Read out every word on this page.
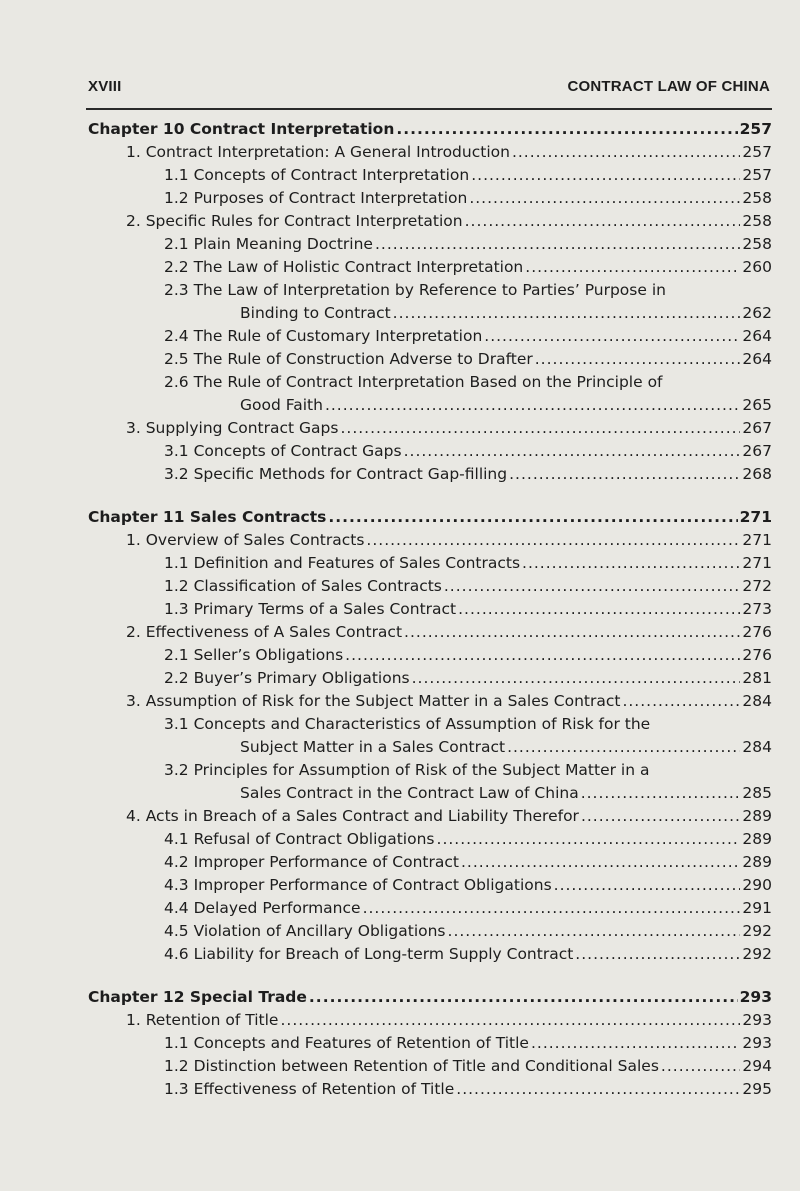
XVIII	CONTRACT LAW OF CHINA
Chapter 10 Contract Interpretation .....	257
1. Contract Interpretation: A General Introduction .....	257
1.1 Concepts of Contract Interpretation .....	257
1.2 Purposes of Contract Interpretation .....	258
2. Specific Rules for Contract Interpretation .....	258
2.1 Plain Meaning Doctrine .....	258
2.2 The Law of Holistic Contract Interpretation .....	260
2.3 The Law of Interpretation by Reference to Parties’ Purpose in
Binding to Contract .....	262
2.4 The Rule of Customary Interpretation .....	264
2.5 The Rule of Construction Adverse to Drafter .....	264
2.6 The Rule of Contract Interpretation Based on the Principle of
Good Faith .....	265
3. Supplying Contract Gaps .....	267
3.1 Concepts of Contract Gaps .....	267
3.2 Specific Methods for Contract Gap-filling .....	268
Chapter 11 Sales Contracts .....	271
1. Overview of Sales Contracts .....	271
1.1 Definition and Features of Sales Contracts .....	271
1.2 Classification of Sales Contracts .....	272
1.3 Primary Terms of a Sales Contract .....	273
2. Effectiveness of A Sales Contract .....	276
2.1 Seller’s Obligations .....	276
2.2 Buyer’s Primary Obligations .....	281
3. Assumption of Risk for the Subject Matter in a Sales Contract .....	284
3.1 Concepts and Characteristics of Assumption of Risk for the
Subject Matter in a Sales Contract .....	284
3.2 Principles for Assumption of Risk of the Subject Matter in a
Sales Contract in the Contract Law of China .....	285
4. Acts in Breach of a Sales Contract and Liability Therefor .....	289
4.1 Refusal of Contract Obligations .....	289
4.2 Improper Performance of Contract .....	289
4.3 Improper Performance of Contract Obligations .....	290
4.4 Delayed Performance .....	291
4.5 Violation of Ancillary Obligations .....	292
4.6 Liability for Breach of Long-term Supply Contract .....	292
Chapter 12 Special Trade .....	293
1. Retention of Title .....	293
1.1 Concepts and Features of Retention of Title .....	293
1.2 Distinction between Retention of Title and Conditional Sales .....	294
1.3 Effectiveness of Retention of Title .....	295
